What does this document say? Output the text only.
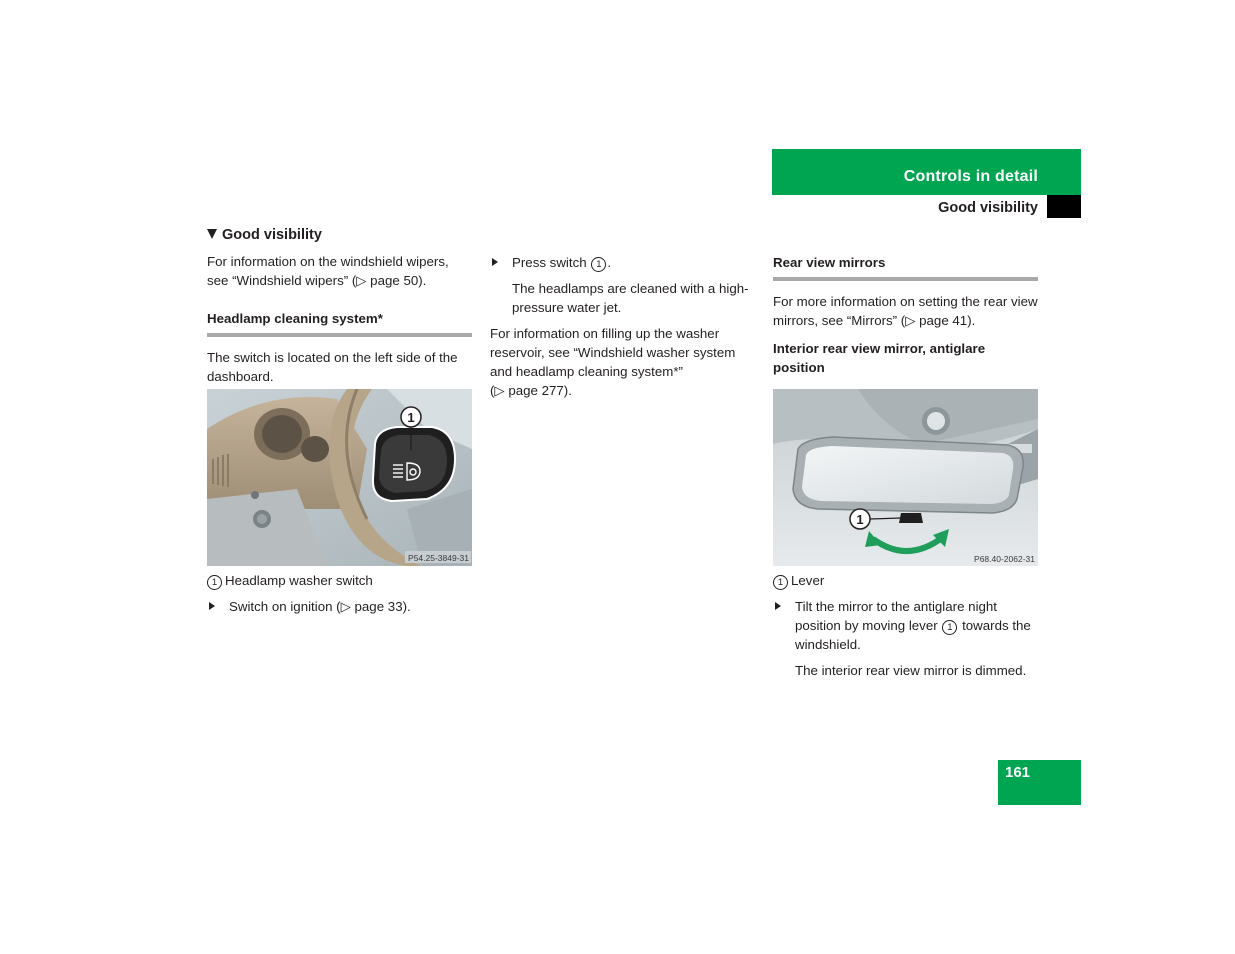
Controls in detail
Good visibility
Good visibility

For information on the windshield wipers, see “Windshield wipers” (▷ page 50).

Headlamp cleaning system*

The switch is located on the left side of the dashboard.

1
P54.25-3849-31

1 Headlamp washer switch

Switch on ignition (▷ page 33).

Press switch 1 .

The headlamps are cleaned with a high-pressure water jet.

For information on filling up the washer reservoir, see “Windshield washer system and headlamp cleaning system*”

(▷ page 277).

Rear view mirrors

For more information on setting the rear view mirrors, see “Mirrors” (▷ page 41).

Interior rear view mirror, antiglare position

1
P68.40-2062-31

1 Lever

Tilt the mirror to the antiglare night position by moving lever 1 towards the windshield.

The interior rear view mirror is dimmed.

161
